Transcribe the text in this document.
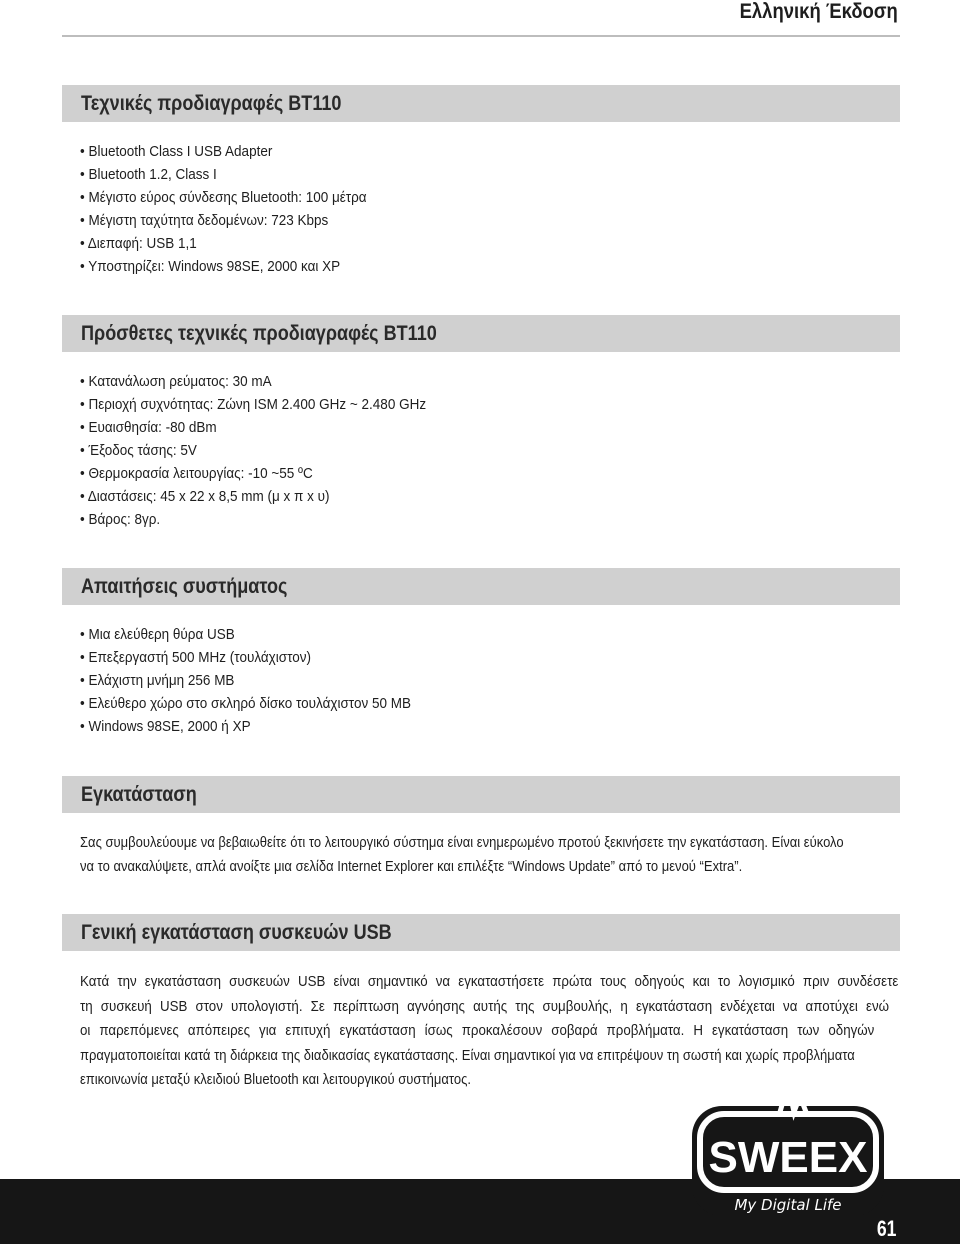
Ελληνική Έκδοση
Τεχνικές προδιαγραφές BT110
• Bluetooth Class I USB Adapter
• Bluetooth 1.2, Class I
• Μέγιστο εύρος σύνδεσης Bluetooth: 100 μέτρα
• Μέγιστη ταχύτητα δεδομένων: 723 Kbps
• Διεπαφή: USB 1,1
• Υποστηρίζει: Windows 98SE, 2000 και XP
Πρόσθετες τεχνικές προδιαγραφές BT110
• Κατανάλωση ρεύματος: 30 mA
• Περιοχή συχνότητας: Ζώνη ISM 2.400 GHz ~ 2.480 GHz
• Ευαισθησία: -80 dBm
• Έξοδος τάσης: 5V
• Θερμοκρασία λειτουργίας: -10 ~55 ºC
• Διαστάσεις: 45 x 22 x 8,5 mm (μ x π x υ)
• Βάρος: 8γρ.
Απαιτήσεις συστήματος
• Μια ελεύθερη θύρα USB
• Επεξεργαστή 500 MHz (τουλάχιστον)
• Ελάχιστη μνήμη 256 MB
• Ελεύθερο χώρο στο σκληρό δίσκο τουλάχιστον 50 MB
• Windows 98SE, 2000 ή XP
Εγκατάσταση

Σας συμβουλεύουμε να βεβαιωθείτε ότι το λειτουργικό σύστημα είναι ενημερωμένο προτού ξεκινήσετε την εγκατάσταση. Είναι εύκολο
να το ανακαλύψετε, απλά ανοίξτε μια σελίδα Internet Explorer και επιλέξτε “Windows Update” από το μενού “Extra”.

Γενική εγκατάσταση συσκευών USB

Κατά την εγκατάσταση συσκευών USB είναι σημαντικό να εγκαταστήσετε πρώτα τους οδηγούς και το λογισμικό πριν συνδέσετε
τη συσκευή USB στον υπολογιστή. Σε περίπτωση αγνόησης αυτής της συμβουλής, η εγκατάσταση ενδέχεται να αποτύχει ενώ
οι παρεπόμενες απόπειρες για επιτυχή εγκατάσταση ίσως προκαλέσουν σοβαρά προβλήματα. Η εγκατάσταση των οδηγών
πραγματοποιείται κατά τη διάρκεια της διαδικασίας εγκατάστασης. Είναι σημαντικοί για να επιτρέψουν τη σωστή και χωρίς προβλήματα
επικοινωνία μεταξύ κλειδιού Bluetooth και λειτουργικού συστήματος.

SWEEX
My Digital Life
61
